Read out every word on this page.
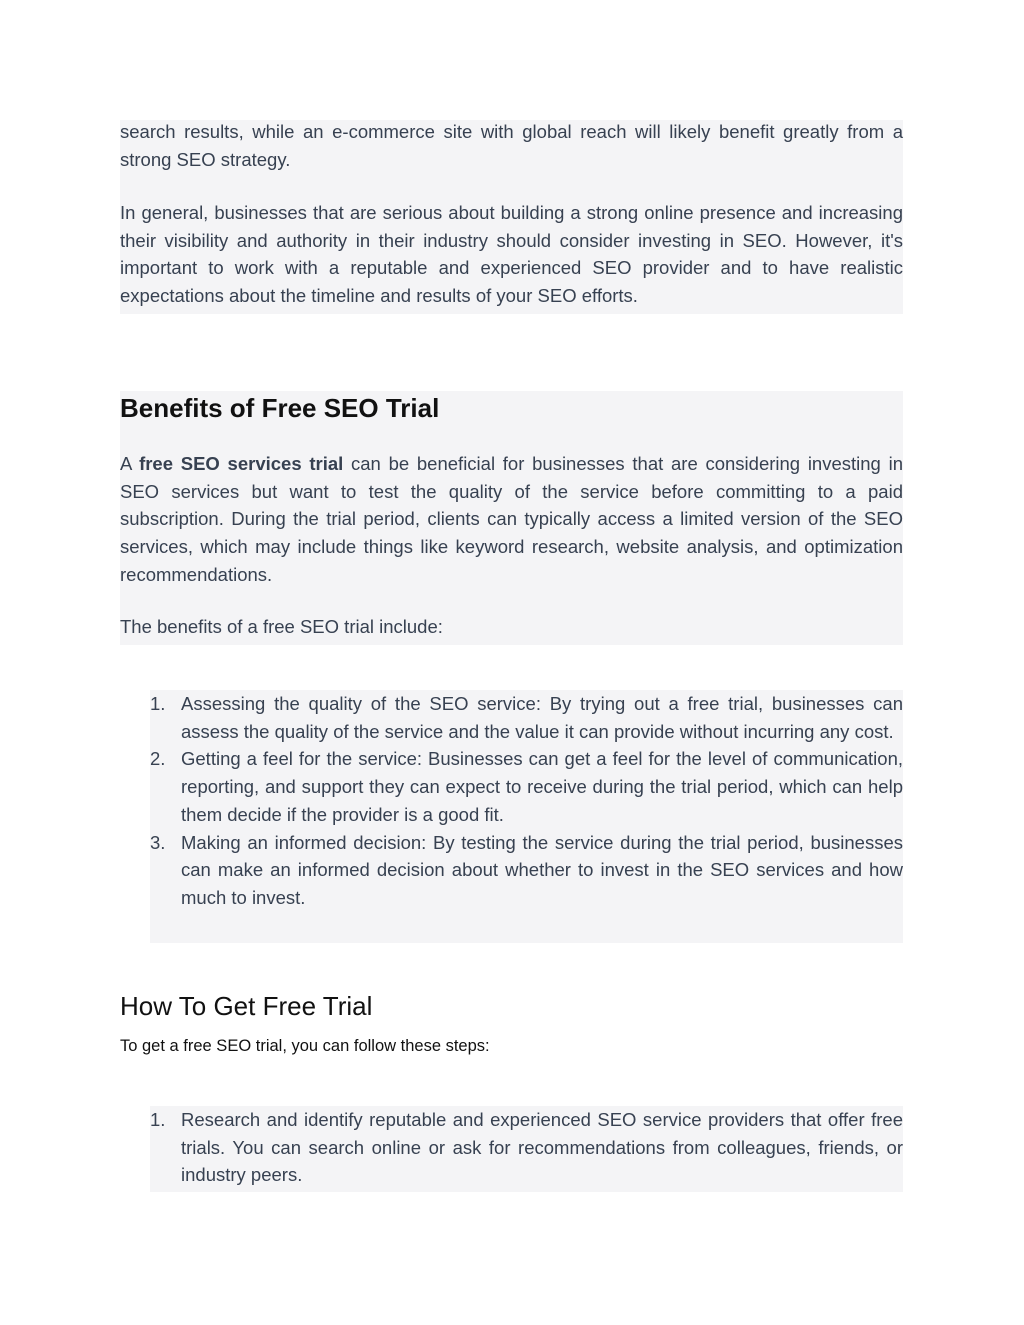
search results, while an e-commerce site with global reach will likely benefit greatly from a strong SEO strategy.

In general, businesses that are serious about building a strong online presence and increasing their visibility and authority in their industry should consider investing in SEO. However, it's important to work with a reputable and experienced SEO provider and to have realistic expectations about the timeline and results of your SEO efforts.

Benefits of Free SEO Trial

A free SEO services trial can be beneficial for businesses that are considering investing in SEO services but want to test the quality of the service before committing to a paid subscription. During the trial period, clients can typically access a limited version of the SEO services, which may include things like keyword research, website analysis, and optimization recommendations.

The benefits of a free SEO trial include:

1. Assessing the quality of the SEO service: By trying out a free trial, businesses can assess the quality of the service and the value it can provide without incurring any cost.
2. Getting a feel for the service: Businesses can get a feel for the level of communication, reporting, and support they can expect to receive during the trial period, which can help them decide if the provider is a good fit.
3. Making an informed decision: By testing the service during the trial period, businesses can make an informed decision about whether to invest in the SEO services and how much to invest.
How To Get Free Trial

To get a free SEO trial, you can follow these steps:

1. Research and identify reputable and experienced SEO service providers that offer free trials. You can search online or ask for recommendations from colleagues, friends, or industry peers.
